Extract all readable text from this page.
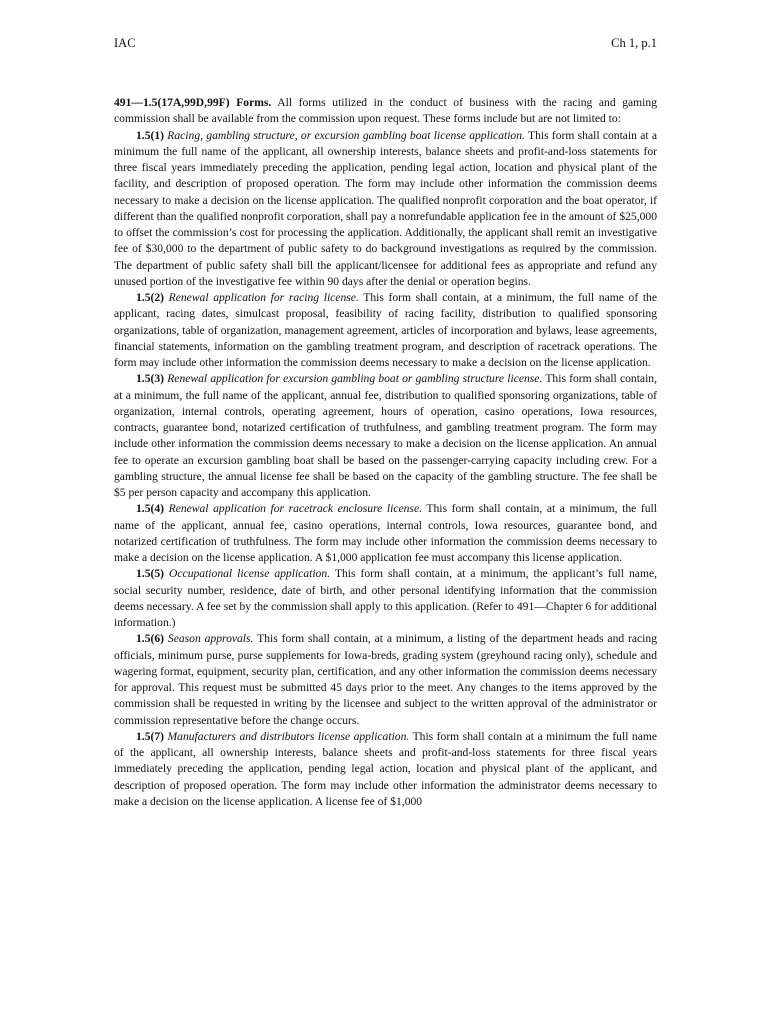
IAC	Ch 1, p.1

491—1.5(17A,99D,99F) Forms. All forms utilized in the conduct of business with the racing and gaming commission shall be available from the commission upon request. These forms include but are not limited to:

1.5(1) Racing, gambling structure, or excursion gambling boat license application. This form shall contain at a minimum the full name of the applicant, all ownership interests, balance sheets and profit-and-loss statements for three fiscal years immediately preceding the application, pending legal action, location and physical plant of the facility, and description of proposed operation. The form may include other information the commission deems necessary to make a decision on the license application. The qualified nonprofit corporation and the boat operator, if different than the qualified nonprofit corporation, shall pay a nonrefundable application fee in the amount of $25,000 to offset the commission’s cost for processing the application. Additionally, the applicant shall remit an investigative fee of $30,000 to the department of public safety to do background investigations as required by the commission. The department of public safety shall bill the applicant/licensee for additional fees as appropriate and refund any unused portion of the investigative fee within 90 days after the denial or operation begins.

1.5(2) Renewal application for racing license. This form shall contain, at a minimum, the full name of the applicant, racing dates, simulcast proposal, feasibility of racing facility, distribution to qualified sponsoring organizations, table of organization, management agreement, articles of incorporation and bylaws, lease agreements, financial statements, information on the gambling treatment program, and description of racetrack operations. The form may include other information the commission deems necessary to make a decision on the license application.

1.5(3) Renewal application for excursion gambling boat or gambling structure license. This form shall contain, at a minimum, the full name of the applicant, annual fee, distribution to qualified sponsoring organizations, table of organization, internal controls, operating agreement, hours of operation, casino operations, Iowa resources, contracts, guarantee bond, notarized certification of truthfulness, and gambling treatment program. The form may include other information the commission deems necessary to make a decision on the license application. An annual fee to operate an excursion gambling boat shall be based on the passenger-carrying capacity including crew. For a gambling structure, the annual license fee shall be based on the capacity of the gambling structure. The fee shall be $5 per person capacity and accompany this application.

1.5(4) Renewal application for racetrack enclosure license. This form shall contain, at a minimum, the full name of the applicant, annual fee, casino operations, internal controls, Iowa resources, guarantee bond, and notarized certification of truthfulness. The form may include other information the commission deems necessary to make a decision on the license application. A $1,000 application fee must accompany this license application.

1.5(5) Occupational license application. This form shall contain, at a minimum, the applicant’s full name, social security number, residence, date of birth, and other personal identifying information that the commission deems necessary. A fee set by the commission shall apply to this application. (Refer to 491—Chapter 6 for additional information.)

1.5(6) Season approvals. This form shall contain, at a minimum, a listing of the department heads and racing officials, minimum purse, purse supplements for Iowa-breds, grading system (greyhound racing only), schedule and wagering format, equipment, security plan, certification, and any other information the commission deems necessary for approval. This request must be submitted 45 days prior to the meet. Any changes to the items approved by the commission shall be requested in writing by the licensee and subject to the written approval of the administrator or commission representative before the change occurs.

1.5(7) Manufacturers and distributors license application. This form shall contain at a minimum the full name of the applicant, all ownership interests, balance sheets and profit-and-loss statements for three fiscal years immediately preceding the application, pending legal action, location and physical plant of the applicant, and description of proposed operation. The form may include other information the administrator deems necessary to make a decision on the license application. A license fee of $1,000
